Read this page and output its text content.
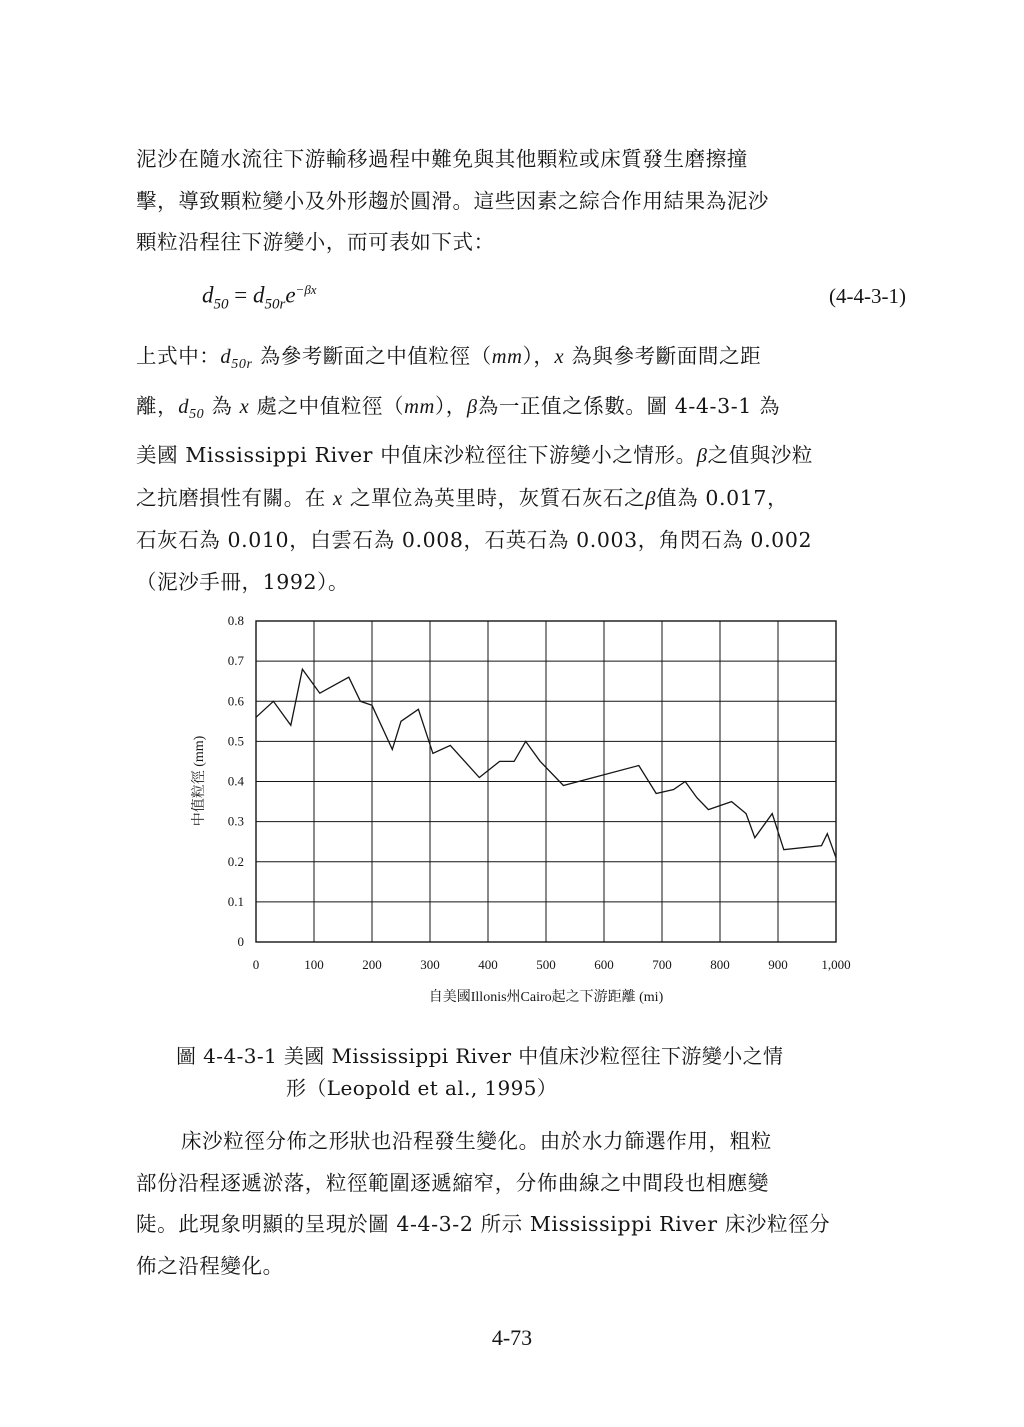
泥沙在隨水流往下游輸移過程中難免與其他顆粒或床質發生磨擦撞
擊，導致顆粒變小及外形趨於圓滑。這些因素之綜合作用結果為泥沙
顆粒沿程往下游變小，而可表如下式：

$d_{50} = d_{50r}e^{-\beta x}$	(4-4-3-1)

上式中：$d_{50r}$ 為參考斷面之中值粒徑（mm），x 為與參考斷面間之距
離，$d_{50}$ 為 x 處之中值粒徑（mm），β為一正值之係數。圖 4-4-3-1 為
美國 Mississippi River 中值床沙粒徑往下游變小之情形。β之值與沙粒
之抗磨損性有關。在 x 之單位為英里時，灰質石灰石之β值為 0.017，
石灰石為 0.010，白雲石為 0.008，石英石為 0.003，角閃石為 0.002
（泥沙手冊，1992）。

0
0.1
0.2
0.3
0.4
0.5
0.6
0.7
0.8
0	100	200	300	400	500	600	700	800	900	1,000
中值粒徑 (mm)
自美國Illonis州Cairo起之下游距離 (mi)
圖 4-4-3-1 美國 Mississippi River 中值床沙粒徑往下游變小之情
形（Leopold et al., 1995）

床沙粒徑分佈之形狀也沿程發生變化。由於水力篩選作用，粗粒
部份沿程逐遞淤落，粒徑範圍逐遞縮窄，分佈曲線之中間段也相應變
陡。此現象明顯的呈現於圖 4-4-3-2 所示 Mississippi River 床沙粒徑分
佈之沿程變化。

4-73
